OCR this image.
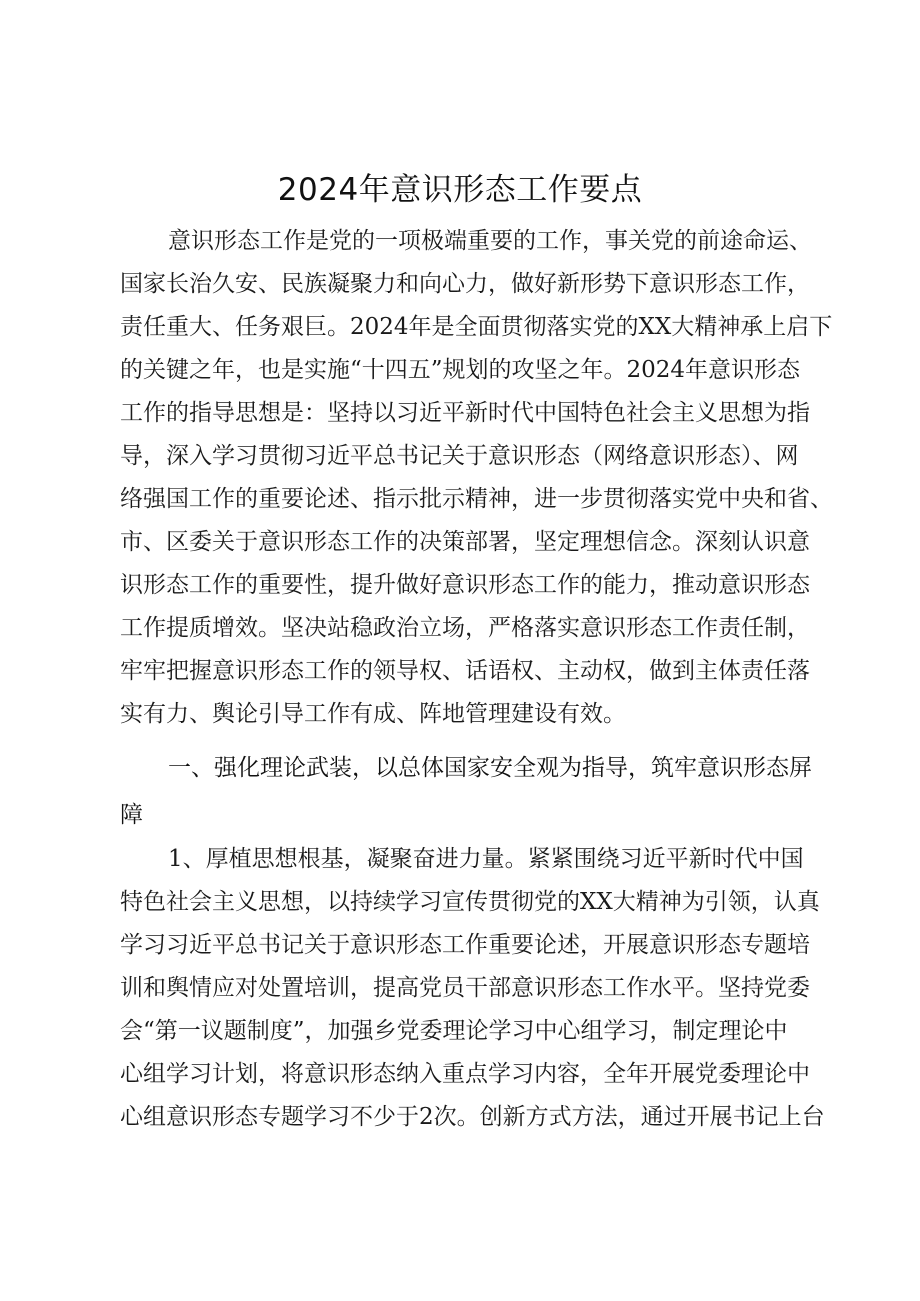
2024年意识形态工作要点
意识形态工作是党的一项极端重要的工作，事关党的前途命运、
国家长治久安、民族凝聚力和向心力，做好新形势下意识形态工作，
责任重大、任务艰巨。2024年是全面贯彻落实党的XX大精神承上启下
的关键之年，也是实施“十四五”规划的攻坚之年。2024年意识形态
工作的指导思想是：坚持以习近平新时代中国特色社会主义思想为指
导，深入学习贯彻习近平总书记关于意识形态（网络意识形态）、网
络强国工作的重要论述、指示批示精神，进一步贯彻落实党中央和省、
市、区委关于意识形态工作的决策部署，坚定理想信念。深刻认识意
识形态工作的重要性，提升做好意识形态工作的能力，推动意识形态
工作提质增效。坚决站稳政治立场，严格落实意识形态工作责任制，
牢牢把握意识形态工作的领导权、话语权、主动权，做到主体责任落
实有力、舆论引导工作有成、阵地管理建设有效。
一、强化理论武装，以总体国家安全观为指导，筑牢意识形态屏
障
1、厚植思想根基，凝聚奋进力量。紧紧围绕习近平新时代中国
特色社会主义思想，以持续学习宣传贯彻党的XX大精神为引领，认真
学习习近平总书记关于意识形态工作重要论述，开展意识形态专题培
训和舆情应对处置培训，提高党员干部意识形态工作水平。坚持党委
会“第一议题制度”，加强乡党委理论学习中心组学习，制定理论中
心组学习计划，将意识形态纳入重点学习内容，全年开展党委理论中
心组意识形态专题学习不少于2次。创新方式方法，通过开展书记上台
